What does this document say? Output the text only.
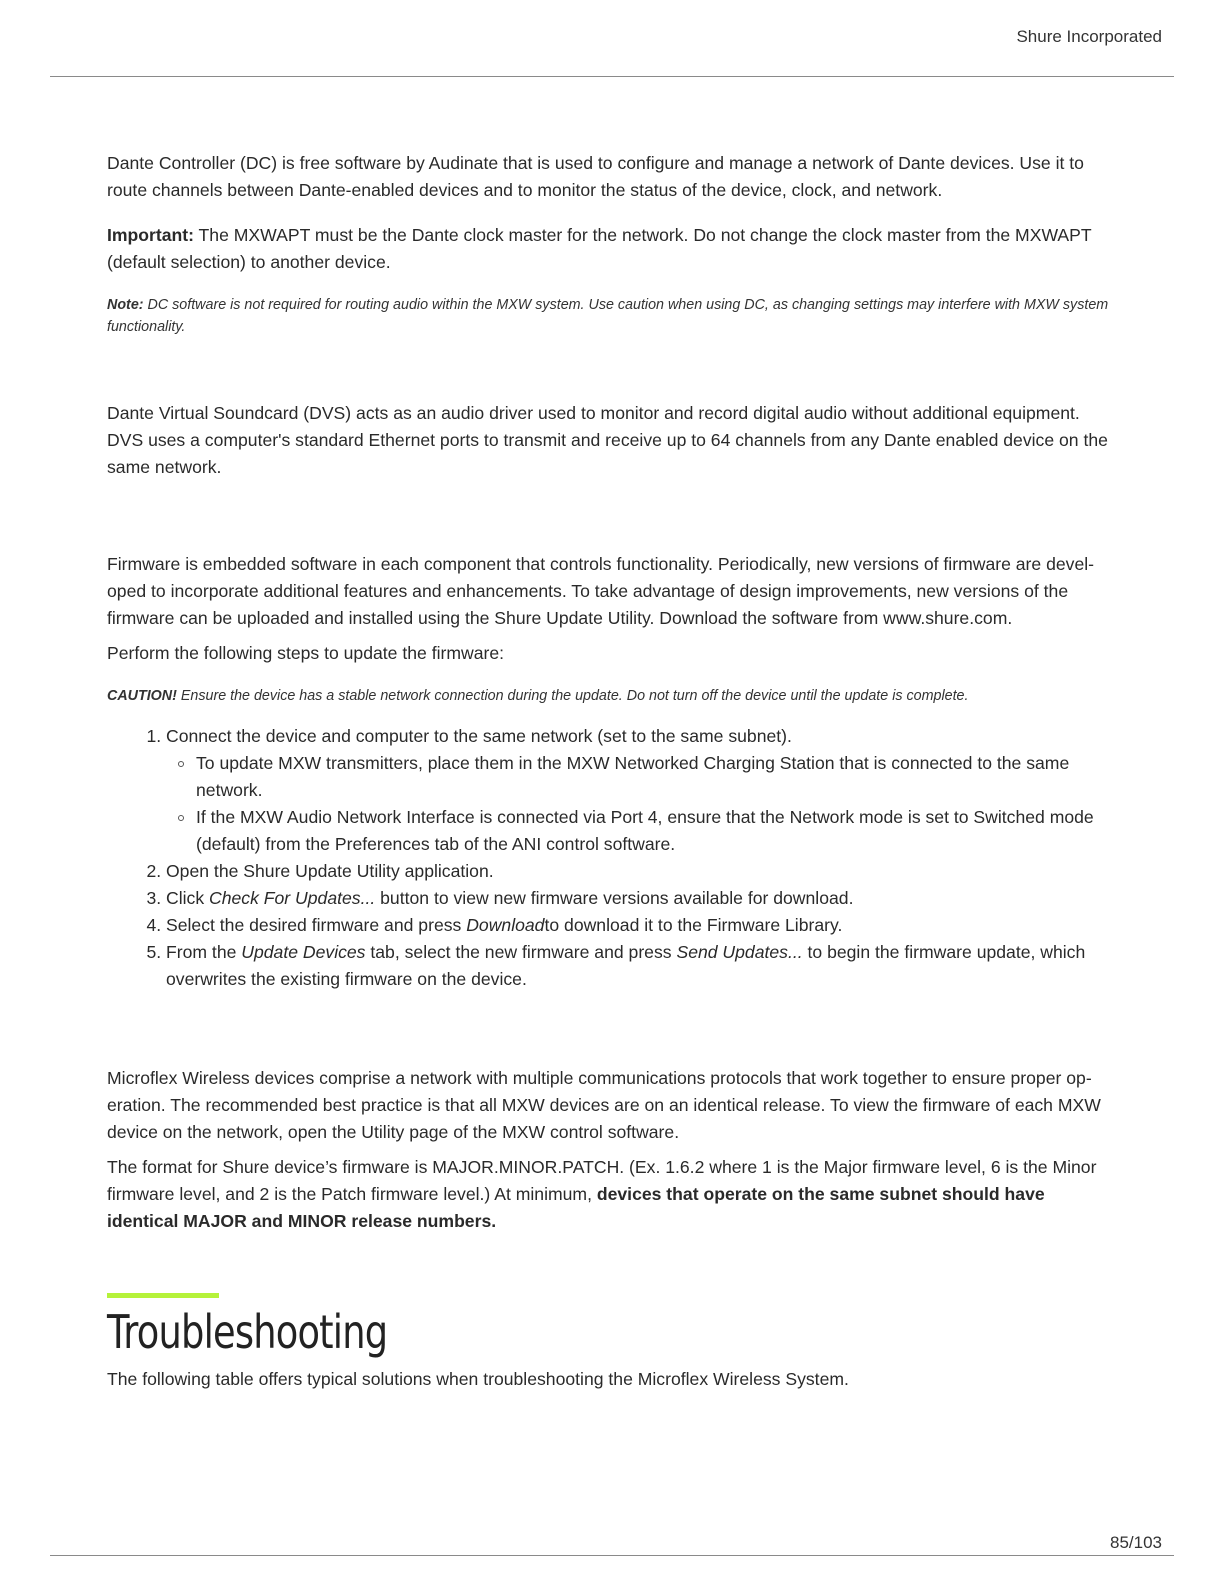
Shure Incorporated

Dante Controller (DC) is free software by Audinate that is used to configure and manage a network of Dante devices. Use it to route channels between Dante-enabled devices and to monitor the status of the device, clock, and network.

Important: The MXWAPT must be the Dante clock master for the network. Do not change the clock master from the MXWAPT (default selection) to another device.

Note: DC software is not required for routing audio within the MXW system. Use caution when using DC, as changing settings may interfere with MXW system functionality.

Dante Virtual Soundcard (DVS) acts as an audio driver used to monitor and record digital audio without additional equipment. DVS uses a computer's standard Ethernet ports to transmit and receive up to 64 channels from any Dante enabled device on the same network.

Firmware is embedded software in each component that controls functionality. Periodically, new versions of firmware are developed to incorporate additional features and enhancements. To take advantage of design improvements, new versions of the firmware can be uploaded and installed using the Shure Update Utility. Download the software from www.shure.com.

Perform the following steps to update the firmware:

CAUTION! Ensure the device has a stable network connection during the update. Do not turn off the device until the update is complete.

1. Connect the device and computer to the same network (set to the same subnet).
To update MXW transmitters, place them in the MXW Networked Charging Station that is connected to the same network.
If the MXW Audio Network Interface is connected via Port 4, ensure that the Network mode is set to Switched mode (default) from the Preferences tab of the ANI control software.
2. Open the Shure Update Utility application.
3. Click Check For Updates... button to view new firmware versions available for download.
4. Select the desired firmware and press Downloadto download it to the Firmware Library.
5. From the Update Devices tab, select the new firmware and press Send Updates... to begin the firmware update, which overwrites the existing firmware on the device.

Microflex Wireless devices comprise a network with multiple communications protocols that work together to ensure proper operation. The recommended best practice is that all MXW devices are on an identical release. To view the firmware of each MXW device on the network, open the Utility page of the MXW control software.

The format for Shure device’s firmware is MAJOR.MINOR.PATCH. (Ex. 1.6.2 where 1 is the Major firmware level, 6 is the Minor firmware level, and 2 is the Patch firmware level.) At minimum, devices that operate on the same subnet should have identical MAJOR and MINOR release numbers.

Troubleshooting

The following table offers typical solutions when troubleshooting the Microflex Wireless System.

85/103
